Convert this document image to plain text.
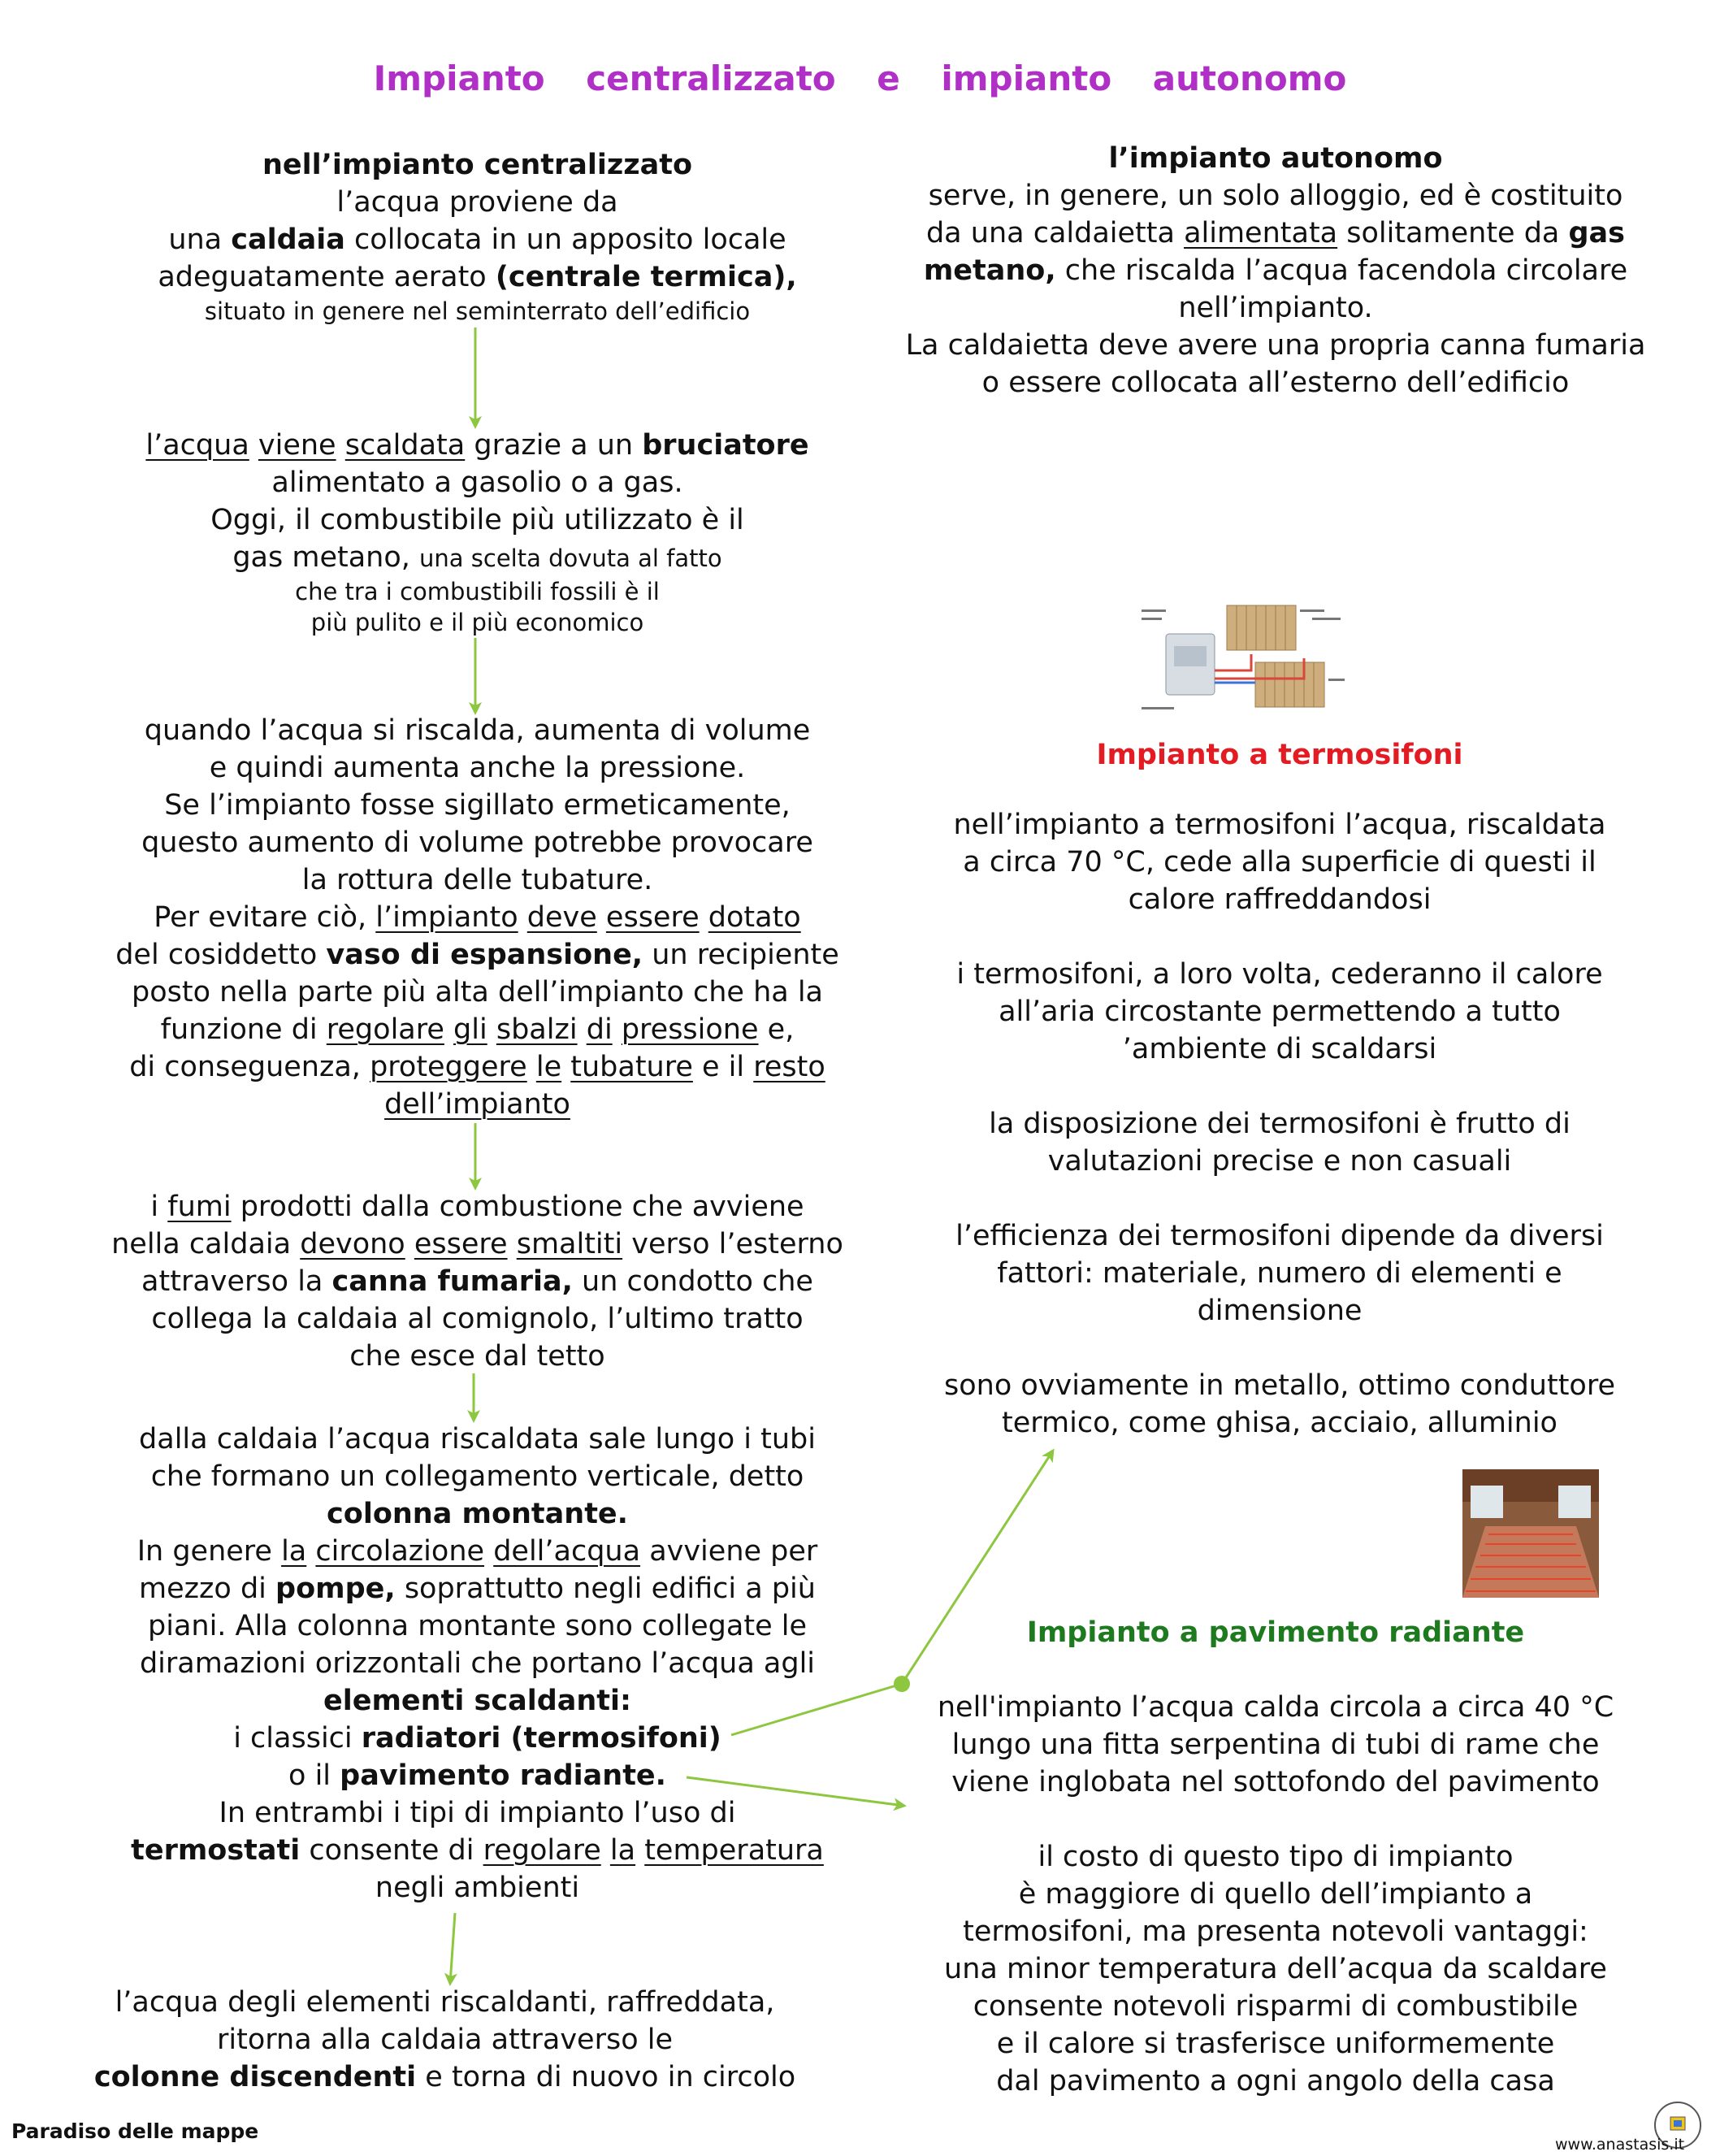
Impianto centralizzato e impianto autonomo

nell’impianto centralizzato

l’acqua proviene da

una caldaia collocata in un apposito locale

adeguatamente aerato (centrale termica),

situato in genere nel seminterrato dell’edificio

l’acqua viene scaldata grazie a un bruciatore

alimentato a gasolio o a gas.

Oggi, il combustibile più utilizzato è il

gas metano, una scelta dovuta al fatto

che tra i combustibili fossili è il

più pulito e il più economico

quando l’acqua si riscalda, aumenta di volume

e quindi aumenta anche la pressione.

Se l’impianto fosse sigillato ermeticamente,

questo aumento di volume potrebbe provocare

la rottura delle tubature.

Per evitare ciò, l’impianto deve essere dotato

del cosiddetto vaso di espansione, un recipiente

posto nella parte più alta dell’impianto che ha la

funzione di regolare gli sbalzi di pressione e,

di conseguenza, proteggere le tubature e il resto

dell’impianto

i fumi prodotti dalla combustione che avviene

nella caldaia devono essere smaltiti verso l’esterno

attraverso la canna fumaria, un condotto che

collega la caldaia al comignolo, l’ultimo tratto

che esce dal tetto

dalla caldaia l’acqua riscaldata sale lungo i tubi

che formano un collegamento verticale, detto

colonna montante.

In genere la circolazione dell’acqua avviene per

mezzo di pompe, soprattutto negli edifici a più

piani. Alla colonna montante sono collegate le

diramazioni orizzontali che portano l’acqua agli

elementi scaldanti:

i classici radiatori (termosifoni)

o il pavimento radiante.

In entrambi i tipi di impianto l’uso di

termostati consente di regolare la temperatura

negli ambienti

l’acqua degli elementi riscaldanti, raffreddata,

ritorna alla caldaia attraverso le

colonne discendenti e torna di nuovo in circolo

l’impianto autonomo

serve, in genere, un solo alloggio, ed è costituito

da una caldaietta alimentata solitamente da gas

metano, che riscalda l’acqua facendola circolare

nell’impianto.

La caldaietta deve avere una propria canna fumaria

o essere collocata all’esterno dell’edificio

Impianto a termosifoni

nell’impianto a termosifoni l’acqua, riscaldata

a circa 70 °C, cede alla superficie di questi il

calore raffreddandosi

i termosifoni, a loro volta, cederanno il calore

all’aria circostante permettendo a tutto

’ambiente di scaldarsi

la disposizione dei termosifoni è frutto di

valutazioni precise e non casuali

l’efficienza dei termosifoni dipende da diversi

fattori: materiale, numero di elementi e

dimensione

sono ovviamente in metallo, ottimo conduttore

termico, come ghisa, acciaio, alluminio

Impianto a pavimento radiante

nell'impianto l’acqua calda circola a circa 40 °C

lungo una fitta serpentina di tubi di rame che

viene inglobata nel sottofondo del pavimento

il costo di questo tipo di impianto

è maggiore di quello dell’impianto a

termosifoni, ma presenta notevoli vantaggi:

una minor temperatura dell’acqua da scaldare

consente notevoli risparmi di combustibile

e il calore si trasferisce uniformemente

dal pavimento a ogni angolo della casa

Paradiso delle mappe
www.anastasis.it
